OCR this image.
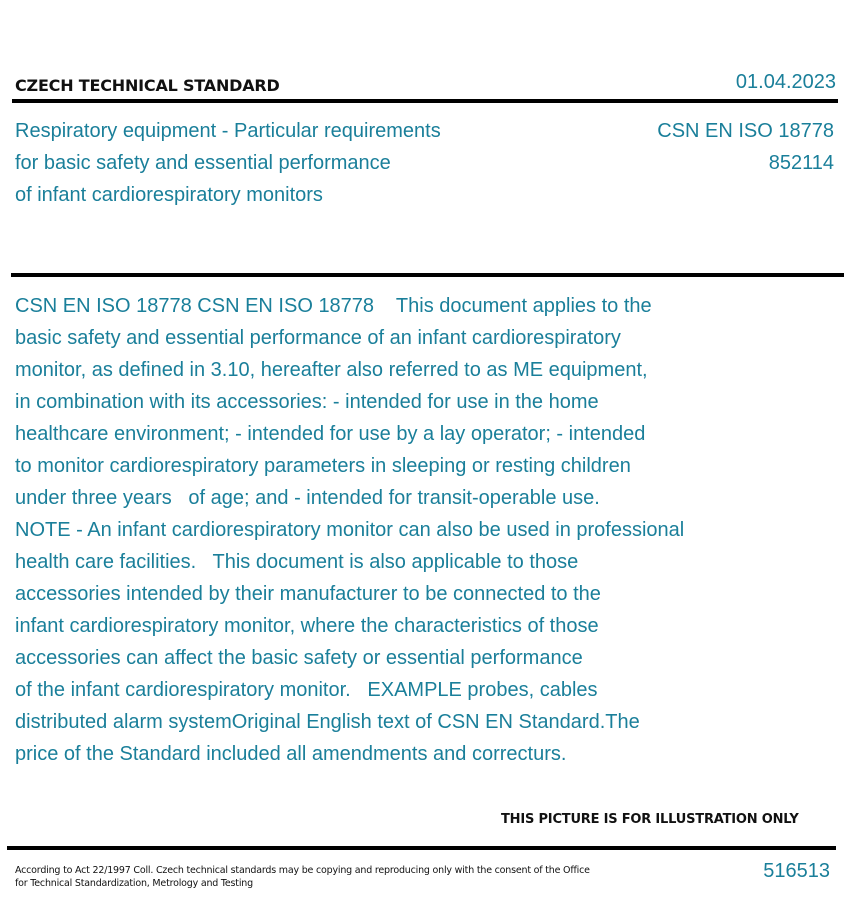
CZECH TECHNICAL STANDARD	01.04.2023
Respiratory equipment - Particular requirements
for basic safety and essential performance
of infant cardiorespiratory monitors
CSN EN ISO 18778
852114
CSN EN ISO 18778 CSN EN ISO 18778    This document applies to the
basic safety and essential performance of an infant cardiorespiratory
monitor, as defined in 3.10, hereafter also referred to as ME equipment,
in combination with its accessories: - intended for use in the home
healthcare environment; - intended for use by a lay operator; - intended
to monitor cardiorespiratory parameters in sleeping or resting children
under three years   of age; and - intended for transit-operable use.
NOTE - An infant cardiorespiratory monitor can also be used in professional
health care facilities.   This document is also applicable to those
accessories intended by their manufacturer to be connected to the
infant cardiorespiratory monitor, where the characteristics of those
accessories can affect the basic safety or essential performance
of the infant cardiorespiratory monitor.   EXAMPLE probes, cables
distributed alarm systemOriginal English text of CSN EN Standard.The
price of the Standard included all amendments and correcturs.
THIS PICTURE IS FOR ILLUSTRATION ONLY
According to Act 22/1997 Coll. Czech technical standards may be copying and reproducing only with the consent of the Office
for Technical Standardization, Metrology and Testing
516513
